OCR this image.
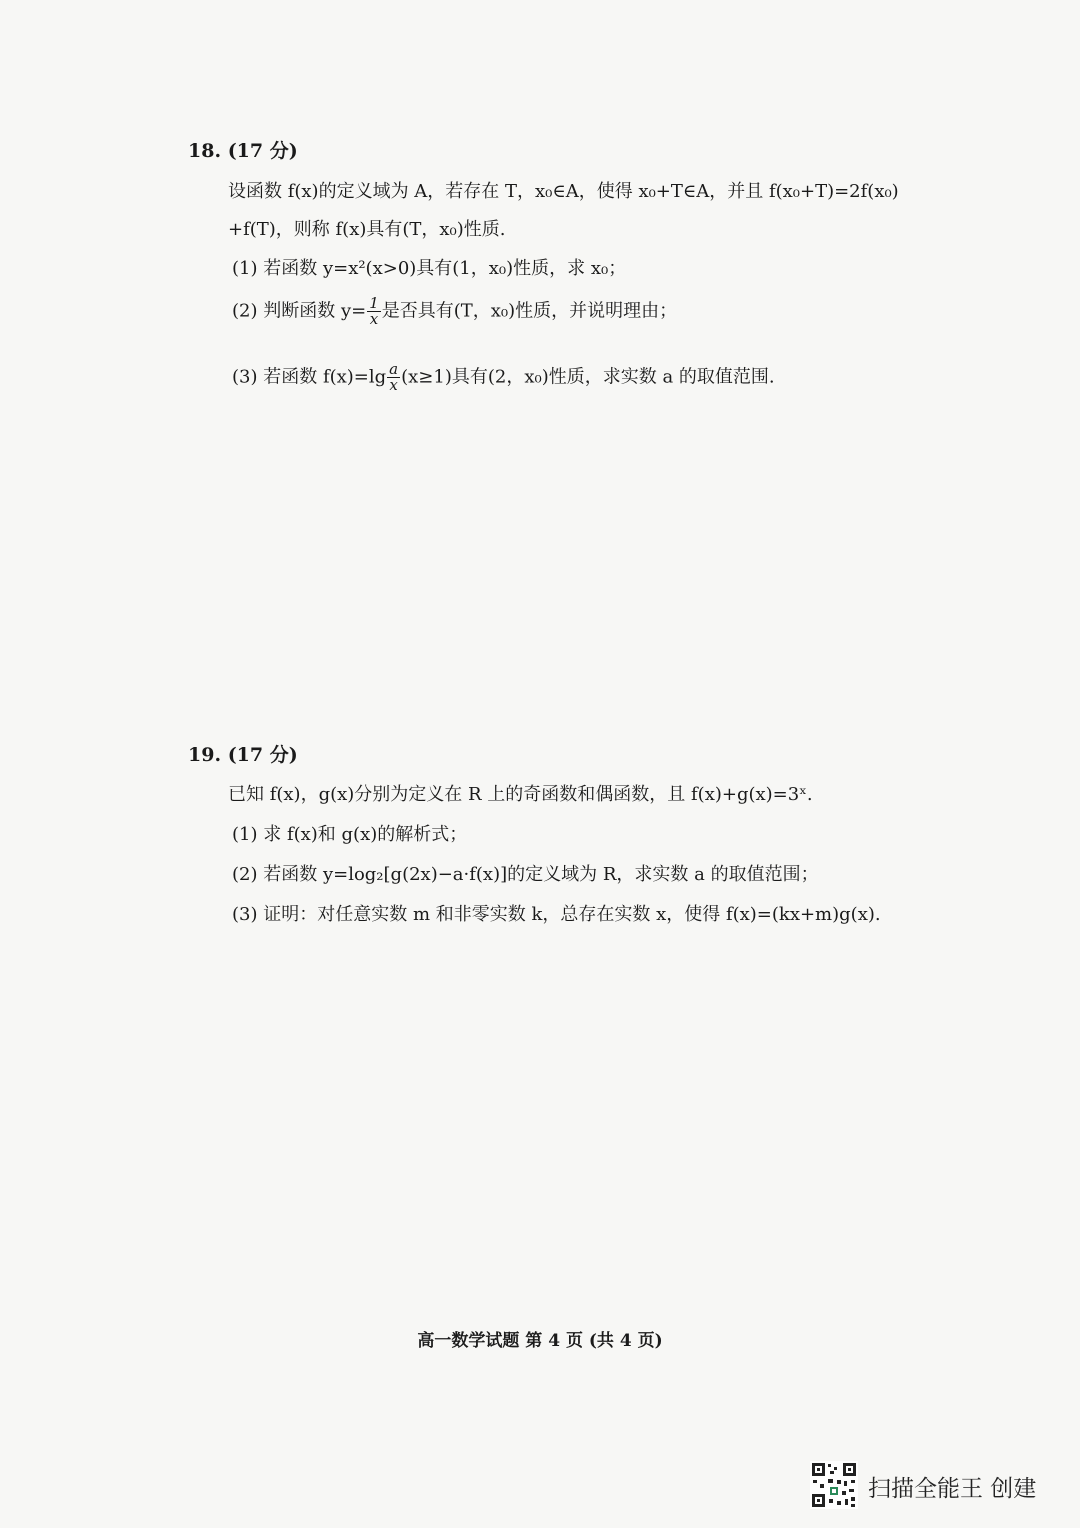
18. (17 分)
设函数 f(x)的定义域为 A，若存在 T，x₀∈A，使得 x₀+T∈A，并且 f(x₀+T)=2f(x₀)
+f(T)，则称 f(x)具有(T，x₀)性质.
(1) 若函数 y=x²(x>0)具有(1，x₀)性质，求 x₀；
(2) 判断函数 $y= \frac{1}{x}$ 是否具有(T，x₀)性质，并说明理由；
(3) 若函数 $f(x)=\lg \frac{a}{x} (x\ge 1)$具有(2，x₀)性质，求实数 a 的取值范围.
19. (17 分)
已知 f(x)，g(x)分别为定义在 R 上的奇函数和偶函数，且 f(x)+g(x)=3ˣ.
(1) 求 f(x)和 g(x)的解析式；
(2) 若函数 y=log₂[g(2x)−a·f(x)]的定义域为 R，求实数 a 的取值范围；
(3) 证明：对任意实数 m 和非零实数 k，总存在实数 x，使得 f(x)=(kx+m)g(x).
高一数学试题 第 4 页 (共 4 页)
扫描全能王 创建
